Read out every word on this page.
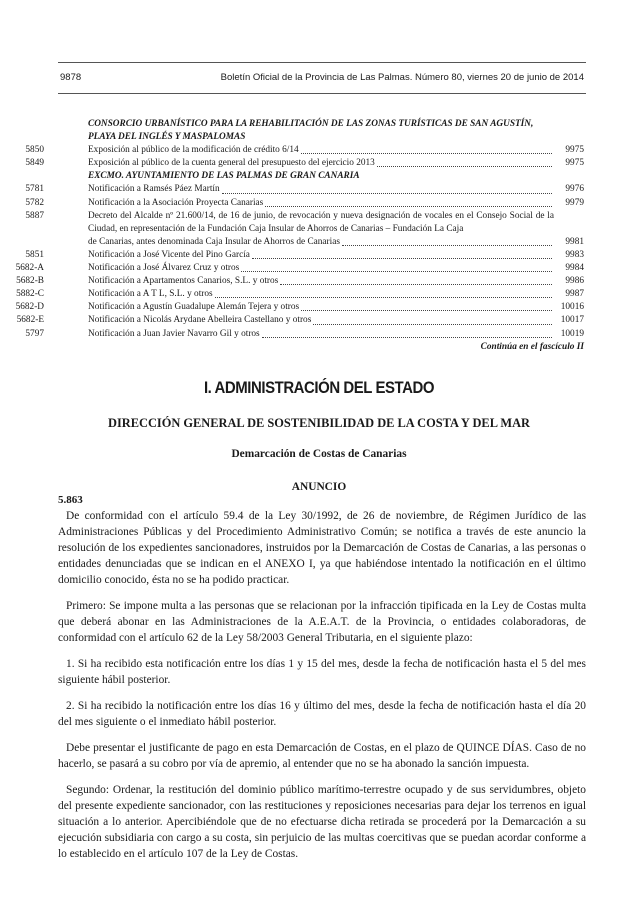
9878	Boletín Oficial de la Provincia de Las Palmas. Número 80, viernes 20 de junio de 2014
CONSORCIO URBANÍSTICO PARA LA REHABILITACIÓN DE LAS ZONAS TURÍSTICAS DE SAN AGUSTÍN, PLAYA DEL INGLÉS Y MASPALOMAS
5850	Exposición al público de la modificación de crédito 6/14	9975
5849	Exposición al público de la cuenta general del presupuesto del ejercicio 2013	9975
EXCMO. AYUNTAMIENTO DE LAS PALMAS DE GRAN CANARIA
5781	Notificación a Ramsés Páez Martín	9976
5782	Notificación a la Asociación Proyecta Canarias	9979
5887	Decreto del Alcalde nº 21.600/14, de 16 de junio, de revocación y nueva designación de vocales en el Consejo Social de la Ciudad, en representación de la Fundación Caja Insular de Ahorros de Canarias – Fundación La Caja
de Canarias, antes denominada Caja Insular de Ahorros de Canarias	9981
5851	Notificación a José Vicente del Pino García	9983
5682-A	Notificación a José Álvarez Cruz y otros	9984
5682-B	Notificación a Apartamentos Canarios, S.L. y otros	9986
5882-C	Notificación a A T L, S.L. y otros	9987
5682-D	Notificación a Agustín Guadalupe Alemán Tejera y otros	10016
5682-E	Notificación a Nicolás Arydane Abelleira Castellano y otros	10017
5797	Notificación a Juan Javier Navarro Gil y otros	10019
Continúa en el fascículo II
I. ADMINISTRACIÓN DEL ESTADO
DIRECCIÓN GENERAL DE SOSTENIBILIDAD DE LA COSTA Y DEL MAR
Demarcación de Costas de Canarias
ANUNCIO
5.863

De conformidad con el artículo 59.4 de la Ley 30/1992, de 26 de noviembre, de Régimen Jurídico de las Administraciones Públicas y del Procedimiento Administrativo Común; se notifica a través de este anuncio la resolución de los expedientes sancionadores, instruidos por la Demarcación de Costas de Canarias, a las personas o entidades denunciadas que se indican en el ANEXO I, ya que habiéndose intentado la notificación en el último domicilio conocido, ésta no se ha podido practicar.

Primero: Se impone multa a las personas que se relacionan por la infracción tipificada en la Ley de Costas multa que deberá abonar en las Administraciones de la A.E.A.T. de la Provincia, o entidades colaboradoras, de conformidad con el artículo 62 de la Ley 58/2003 General Tributaria, en el siguiente plazo:

1. Si ha recibido esta notificación entre los días 1 y 15 del mes, desde la fecha de notificación hasta el 5 del mes siguiente hábil posterior.

2. Si ha recibido la notificación entre los días 16 y último del mes, desde la fecha de notificación hasta el día 20 del mes siguiente o el inmediato hábil posterior.

Debe presentar el justificante de pago en esta Demarcación de Costas, en el plazo de QUINCE DÍAS. Caso de no hacerlo, se pasará a su cobro por vía de apremio, al entender que no se ha abonado la sanción impuesta.

Segundo: Ordenar, la restitución del dominio público marítimo-terrestre ocupado y de sus servidumbres, objeto del presente expediente sancionador, con las restituciones y reposiciones necesarias para dejar los terrenos en igual situación a lo anterior. Apercibiéndole que de no efectuarse dicha retirada se procederá por la Demarcación a su ejecución subsidiaria con cargo a su costa, sin perjuicio de las multas coercitivas que se puedan acordar conforme a lo establecido en el artículo 107 de la Ley de Costas.
